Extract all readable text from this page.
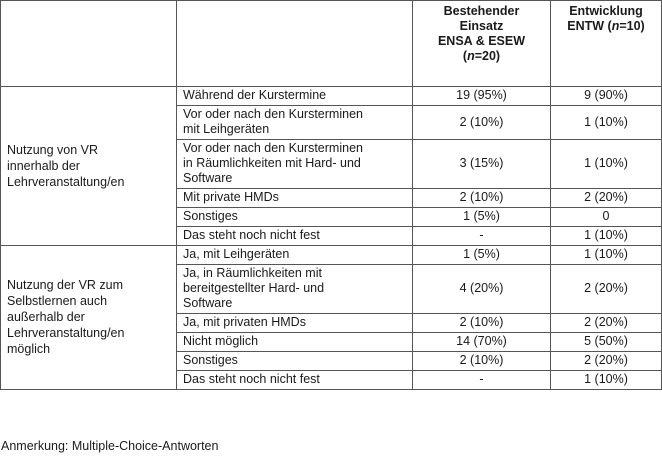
		Bestehender
Einsatz
ENSA & ESEW
(n=20)	Entwicklung
ENTW (n=10)
Nutzung von VR
innerhalb der
Lehrveranstaltung/en	Während der Kurstermine	19 (95%)	9 (90%)
	Vor oder nach den Kursterminen
mit Leihgeräten	2 (10%)	1 (10%)
	Vor oder nach den Kursterminen
in Räumlichkeiten mit Hard- und
Software	3 (15%)	1 (10%)
	Mit private HMDs	2 (10%)	2 (20%)
	Sonstiges	1 (5%)	0
	Das steht noch nicht fest	-	1 (10%)
Nutzung der VR zum
Selbstlernen auch
außerhalb der
Lehrveranstaltung/en
möglich	Ja, mit Leihgeräten	1 (5%)	1 (10%)
	Ja, in Räumlichkeiten mit
bereitgestellter Hard- und
Software	4 (20%)	2 (20%)
	Ja, mit privaten HMDs	2 (10%)	2 (20%)
	Nicht möglich	14 (70%)	5 (50%)
	Sonstiges	2 (10%)	2 (20%)
	Das steht noch nicht fest	-	1 (10%)
Anmerkung: Multiple-Choice-Antworten
